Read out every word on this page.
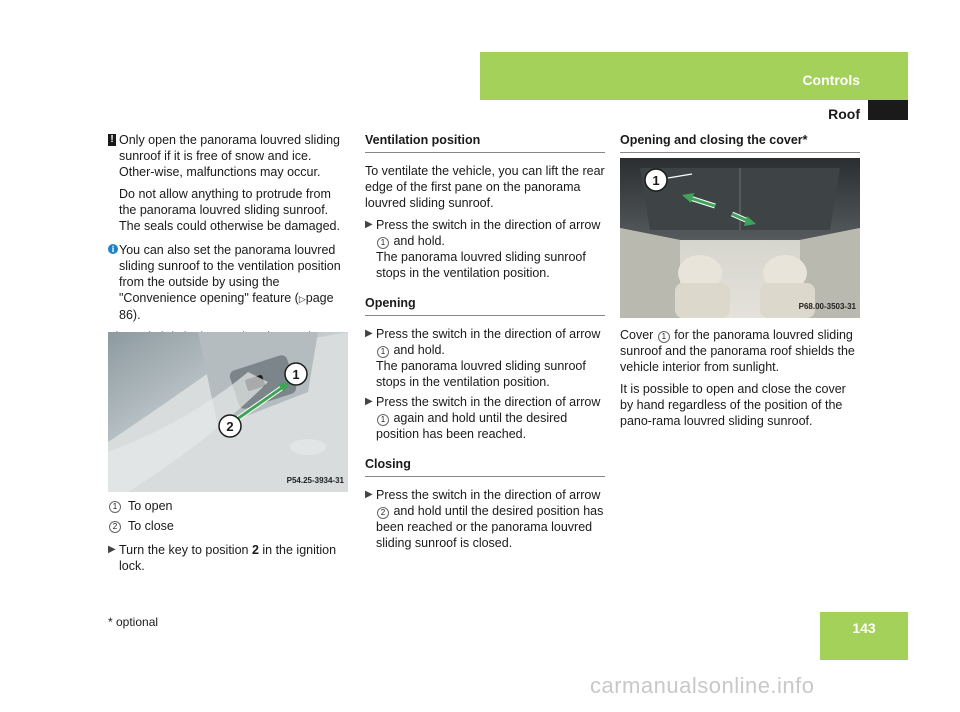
Controls
Roof
! Only open the panorama louvred sliding sunroof if it is free of snow and ice. Other-wise, malfunctions may occur.

Do not allow anything to protrude from the panorama louvred sliding sunroof. The seals could otherwise be damaged.

i You can also set the panorama louvred sliding sunroof to the ventilation position from the outside by using the "Convenience opening" feature (▷page 86).

1
2
P54.25-3934-31

1 To open

2 To close

▶ Turn the key to position 2 in the ignition lock.

Ventilation position

To ventilate the vehicle, you can lift the rear edge of the first pane on the panorama louvred sliding sunroof.

▶ Press the switch in the direction of arrow 1 and hold.
The panorama louvred sliding sunroof stops in the ventilation position.

Opening

▶ Press the switch in the direction of arrow 1 and hold.
The panorama louvred sliding sunroof stops in the ventilation position.
▶ Press the switch in the direction of arrow 1 again and hold until the desired position has been reached.

Closing

▶ Press the switch in the direction of arrow 2 and hold until the desired position has been reached or the panorama louvred sliding sunroof is closed.

Opening and closing the cover*

1
P68.00-3503-31

Cover 1 for the panorama louvred sliding sunroof and the panorama roof shields the vehicle interior from sunlight.

It is possible to open and close the cover by hand regardless of the position of the pano-rama louvred sliding sunroof.

* optional	143
carmanualsonline.info
